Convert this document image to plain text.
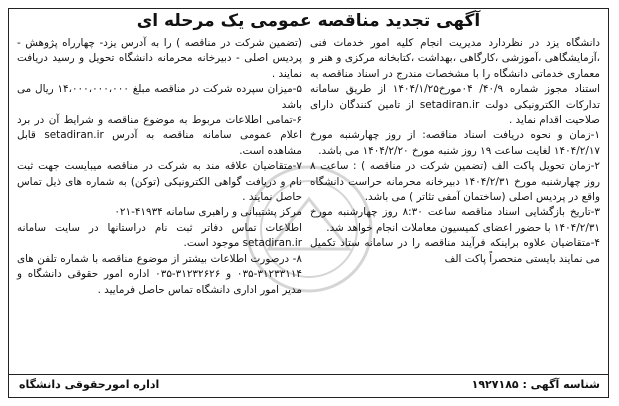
آگهی تجدید مناقصه عمومی یک مرحله ای

دانشگاه یزد در نظردارد مدیریت انجام کلیه امور خدمات فنی ،آزمایشگاهی ،آموزشی ،کارگاهی ،بهداشت ،کتابخانه مرکزی و هنر و معماری خدماتی دانشگاه را با مشخصات مندرج در اسناد مناقصه به استناد مجوز شماره ۴۰/۹/ ۰۴مورخ۱۴۰۴/۱/۲۵ از طریق سامانه تدارکات الکترونیکی دولت setadiran.ir از تامین کنندگان دارای صلاحیت اقدام نماید .

۱-زمان و نحوه دریافت اسناد مناقصه: از روز چهارشنبه مورخ ۱۴۰۴/۲/۱۷ لغایت ساعت ۱۹ روز شنبه مورخ ۱۴۰۴/۲/۲۰ می باشد.

۲-زمان تحویل پاکت الف (تضمین شرکت در مناقصه ) : ساعت ۸ روز چهارشنبه مورخ ۱۴۰۴/۲/۳۱ دبیرخانه محرمانه حراست دانشگاه واقع در پردیس اصلی (ساختمان آمفی تئاتر ) می باشد.

۳-تاریخ بازگشایی اسناد مناقصه ساعت ۸:۳۰ روز چهارشنبه مورخ ۱۴۰۴/۲/۳۱ با حضور اعضای کمیسیون معاملات انجام خواهد شد.

۴-متقاضیان علاوه براینکه فرآیند مناقصه را در سامانه ستاد تکمیل می نمایند بایستی منحصراً پاکت الف

(تضمین شرکت در مناقصه ) را به آدرس یزد- چهارراه پژوهش - پردیس اصلی - دبیرخانه محرمانه دانشگاه تحویل و رسید دریافت نمایند .

۵-میزان سپرده شرکت در مناقصه مبلغ ۱۴،۰۰۰،۰۰۰،۰۰۰ ریال می باشد

۶-تمامی اطلاعات مربوط به موضوع مناقصه و شرایط آن در برد اعلام عمومی سامانه مناقصه به آدرس setadiran.ir قابل مشاهده است.

۷-متقاضیان علاقه مند به شرکت در مناقصه میبایست جهت ثبت نام و دریافت گواهی الکترونیکی (توکن) به شماره های ذیل تماس حاصل نمایند .

مرکز پشتیبانی و راهبری سامانه ۴۱۹۳۴-۰۲۱

اطلاعات تماس دفاتر ثبت نام دراستانها در سایت سامانه setadiran.ir موجود است.

۸- درصورت اطلاعات بیشتر از موضوع مناقصه با شماره تلفن های ۳۱۲۳۳۱۱۴-۰۳۵ و ۳۱۲۳۲۶۲۶-۰۳۵ اداره امور حقوقی دانشگاه و مدیر امور اداری دانشگاه تماس حاصل فرمایید .

شناسه آگهی : ۱۹۲۷۱۸۵
اداره امورحقوقی دانشگاه
